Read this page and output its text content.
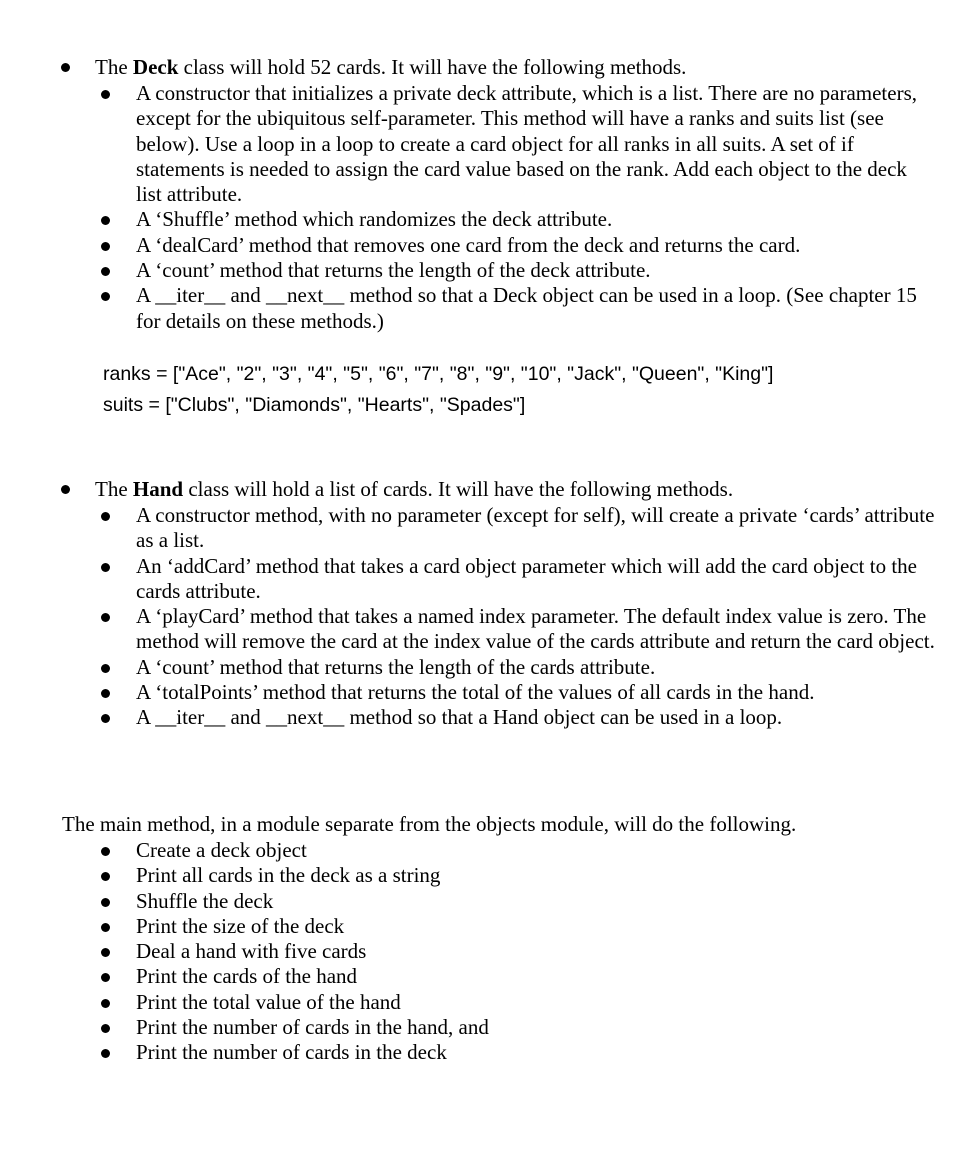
The Deck class will hold 52 cards. It will have the following methods.
A constructor that initializes a private deck attribute, which is a list. There are no parameters, except for the ubiquitous self-parameter. This method will have a ranks and suits list (see below). Use a loop in a loop to create a card object for all ranks in all suits. A set of if statements is needed to assign the card value based on the rank. Add each object to the deck list attribute.
A ‘Shuffle’ method which randomizes the deck attribute.
A ‘dealCard’ method that removes one card from the deck and returns the card.
A ‘count’ method that returns the length of the deck attribute.
A __iter__ and __next__ method so that a Deck object can be used in a loop. (See chapter 15 for details on these methods.)
ranks = ["Ace", "2", "3", "4", "5", "6", "7", "8", "9", "10", "Jack", "Queen", "King"]
suits = ["Clubs", "Diamonds", "Hearts", "Spades"]
The Hand class will hold a list of cards. It will have the following methods.
A constructor method, with no parameter (except for self), will create a private ‘cards’ attribute as a list.
An ‘addCard’ method that takes a card object parameter which will add the card object to the cards attribute.
A ‘playCard’ method that takes a named index parameter. The default index value is zero. The method will remove the card at the index value of the cards attribute and return the card object.
A ‘count’ method that returns the length of the cards attribute.
A ‘totalPoints’ method that returns the total of the values of all cards in the hand.
A __iter__ and __next__ method so that a Hand object can be used in a loop.
The main method, in a module separate from the objects module, will do the following.
Create a deck object
Print all cards in the deck as a string
Shuffle the deck
Print the size of the deck
Deal a hand with five cards
Print the cards of the hand
Print the total value of the hand
Print the number of cards in the hand, and
Print the number of cards in the deck
